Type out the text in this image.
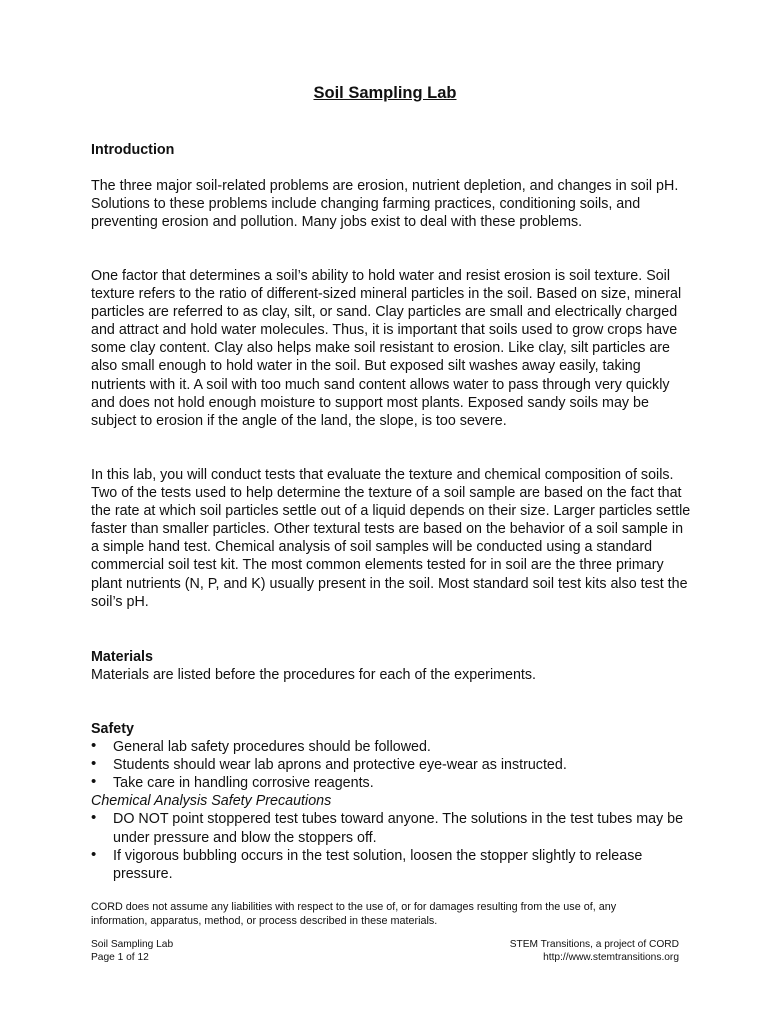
Soil Sampling Lab
Introduction

The three major soil-related problems are erosion, nutrient depletion, and changes in soil pH. Solutions to these problems include changing farming practices, conditioning soils, and preventing erosion and pollution. Many jobs exist to deal with these problems.

One factor that determines a soil’s ability to hold water and resist erosion is soil texture. Soil texture refers to the ratio of different-sized mineral particles in the soil. Based on size, mineral particles are referred to as clay, silt, or sand. Clay particles are small and electrically charged and attract and hold water molecules. Thus, it is important that soils used to grow crops have some clay content. Clay also helps make soil resistant to erosion. Like clay, silt particles are also small enough to hold water in the soil. But exposed silt washes away easily, taking nutrients with it. A soil with too much sand content allows water to pass through very quickly and does not hold enough moisture to support most plants. Exposed sandy soils may be subject to erosion if the angle of the land, the slope, is too severe.

In this lab, you will conduct tests that evaluate the texture and chemical composition of soils. Two of the tests used to help determine the texture of a soil sample are based on the fact that the rate at which soil particles settle out of a liquid depends on their size. Larger particles settle faster than smaller particles. Other textural tests are based on the behavior of a soil sample in a simple hand test. Chemical analysis of soil samples will be conducted using a standard commercial soil test kit. The most common elements tested for in soil are the three primary plant nutrients (N, P, and K) usually present in the soil. Most standard soil test kits also test the soil’s pH.

Materials

Materials are listed before the procedures for each of the experiments.

Safety
• General lab safety procedures should be followed.
• Students should wear lab aprons and protective eye-wear as instructed.
• Take care in handling corrosive reagents.
Chemical Analysis Safety Precautions
• DO NOT point stoppered test tubes toward anyone. The solutions in the test tubes may be under pressure and blow the stoppers off.
• If vigorous bubbling occurs in the test solution, loosen the stopper slightly to release pressure.
CORD does not assume any liabilities with respect to the use of, or for damages resulting from the use of, any information, apparatus, method, or process described in these materials.
Soil Sampling Lab
Page 1 of 12
STEM Transitions, a project of CORD
http://www.stemtransitions.org
